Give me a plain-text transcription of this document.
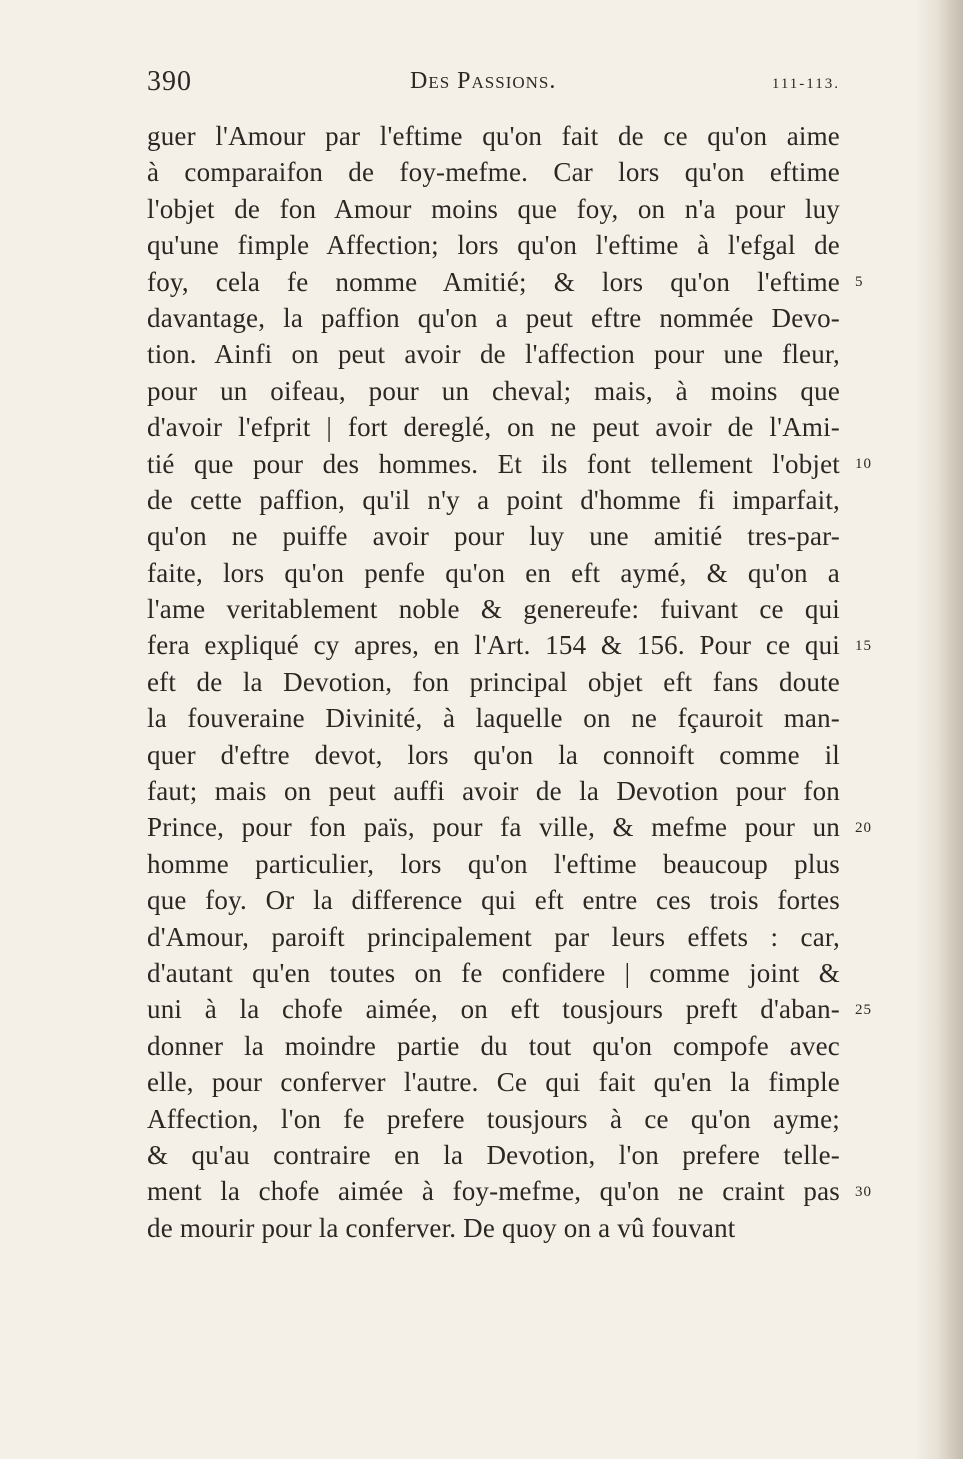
390	Des Passions.	111-113.
guer l'Amour par l'eftime qu'on fait de ce qu'on aime
à comparaifon de foy-mefme. Car lors qu'on eftime
l'objet de fon Amour moins que foy, on n'a pour luy
qu'une fimple Affection; lors qu'on l'eftime à l'efgal de
foy, cela fe nomme Amitié; & lors qu'on l'eftime
davantage, la paffion qu'on a peut eftre nommée Devo-
tion. Ainfi on peut avoir de l'affection pour une fleur,
pour un oifeau, pour un cheval; mais, à moins que
d'avoir l'efprit | fort dereglé, on ne peut avoir de l'Ami-
tié que pour des hommes. Et ils font tellement l'objet
de cette paffion, qu'il n'y a point d'homme fi imparfait,
qu'on ne puiffe avoir pour luy une amitié tres-par-
faite, lors qu'on penfe qu'on en eft aymé, & qu'on a
l'ame veritablement noble & genereufe: fuivant ce qui
fera expliqué cy apres, en l'Art. 154 & 156. Pour ce qui
eft de la Devotion, fon principal objet eft fans doute
la fouveraine Divinité, à laquelle on ne fçauroit man-
quer d'eftre devot, lors qu'on la connoift comme il
faut; mais on peut auffi avoir de la Devotion pour fon
Prince, pour fon païs, pour fa ville, & mefme pour un
homme particulier, lors qu'on l'eftime beaucoup plus
que foy. Or la difference qui eft entre ces trois fortes
d'Amour, paroift principalement par leurs effets : car,
d'autant qu'en toutes on fe confidere | comme joint &
uni à la chofe aimée, on eft tousjours preft d'aban-
donner la moindre partie du tout qu'on compofe avec
elle, pour conferver l'autre. Ce qui fait qu'en la fimple
Affection, l'on fe prefere tousjours à ce qu'on ayme;
& qu'au contraire en la Devotion, l'on prefere telle-
ment la chofe aimée à foy-mefme, qu'on ne craint pas
de mourir pour la conferver. De quoy on a vû fouvant
5
10
15
20
25
30
